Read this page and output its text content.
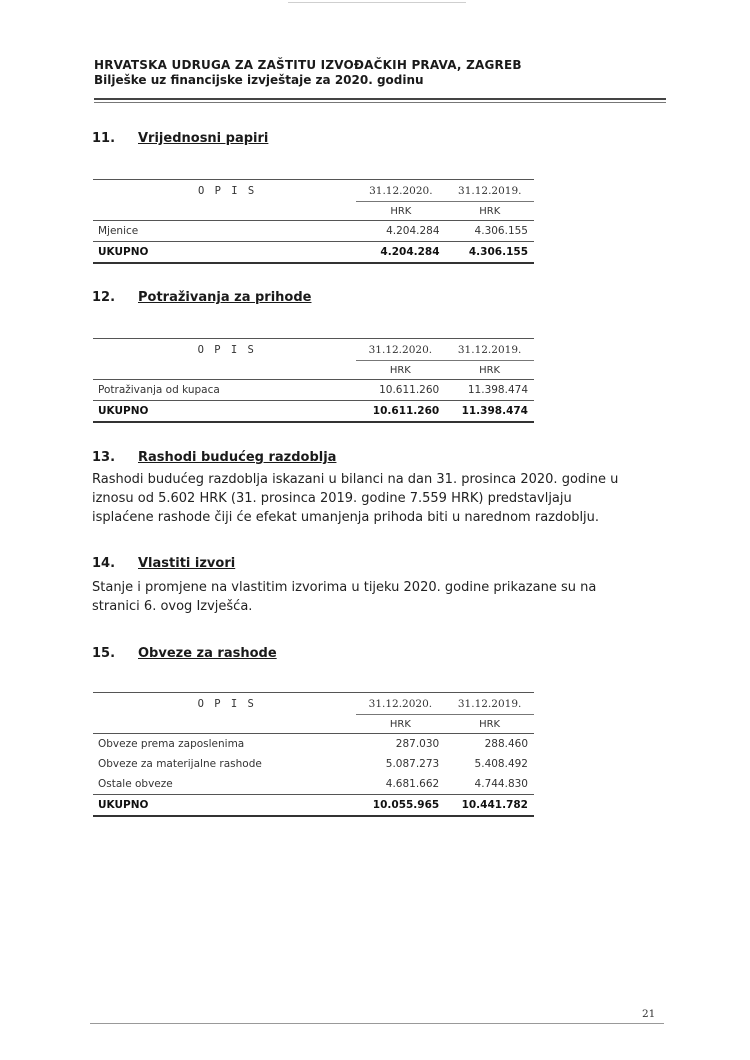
HRVATSKA UDRUGA ZA ZAŠTITU IZVOĐAČKIH PRAVA, ZAGREB
Bilješke uz financijske izvještaje za 2020. godinu
11. Vrijednosni papiri
O P I S	31.12.2020.	31.12.2019.
	HRK	HRK
Mjenice	4.204.284	4.306.155
UKUPNO	4.204.284	4.306.155
12. Potraživanja za prihode
O P I S	31.12.2020.	31.12.2019.
	HRK	HRK
Potraživanja od kupaca	10.611.260	11.398.474
UKUPNO	10.611.260	11.398.474
13. Rashodi budućeg razdoblja
Rashodi budućeg razdoblja iskazani u bilanci na dan 31. prosinca 2020. godine u
iznosu od 5.602 HRK (31. prosinca 2019. godine 7.559 HRK) predstavljaju
isplaćene rashode čiji će efekat umanjenja prihoda biti u narednom razdoblju.
14. Vlastiti izvori
Stanje i promjene na vlastitim izvorima u tijeku 2020. godine prikazane su na
stranici 6. ovog Izvješća.
15. Obveze za rashode
O P I S	31.12.2020.	31.12.2019.
	HRK	HRK
Obveze prema zaposlenima	287.030	288.460
Obveze za materijalne rashode	5.087.273	5.408.492
Ostale obveze	4.681.662	4.744.830
UKUPNO	10.055.965	10.441.782
21
